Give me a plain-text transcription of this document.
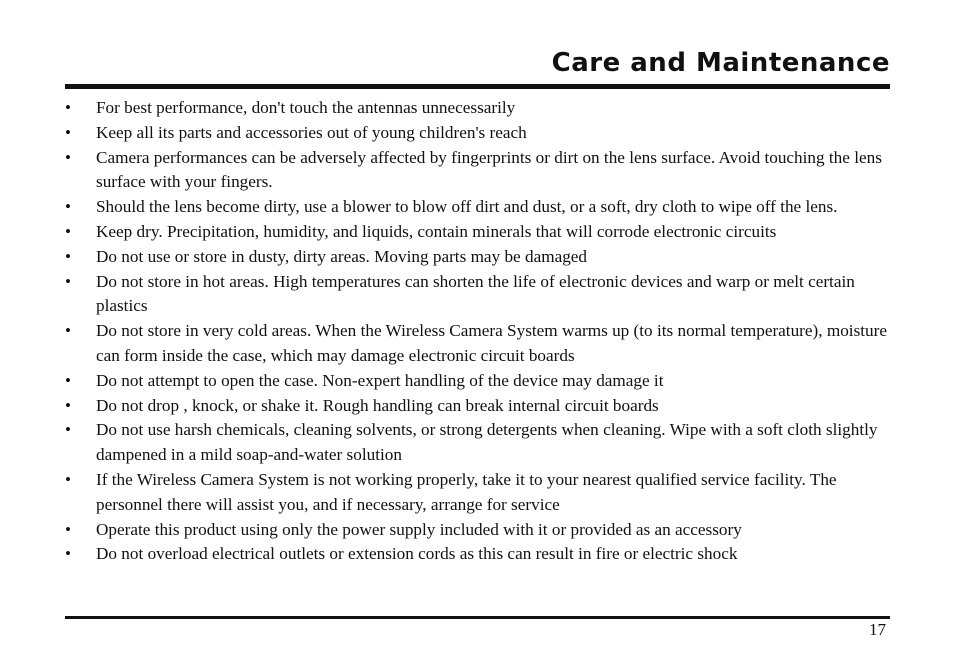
Care and Maintenance
• For best performance, don't touch the antennas unnecessarily
• Keep all its parts and accessories out of young children's reach
• Camera performances can be adversely affected by fingerprints or dirt on the lens surface. Avoid touching the lens surface with your fingers.
• Should the lens become dirty, use a blower to blow off dirt and dust, or a soft, dry cloth to wipe off the lens.
• Keep dry. Precipitation, humidity, and liquids, contain minerals that will corrode electronic circuits
• Do not use or store in dusty, dirty areas. Moving parts may be damaged
• Do not store in hot areas. High temperatures can shorten the life of electronic devices and warp or melt certain plastics
• Do not store in very cold areas. When the Wireless Camera System warms up (to its normal temperature), moisture can form inside the case, which may damage electronic circuit boards
• Do not attempt to open the case. Non-expert handling of the device may damage it
• Do not drop , knock, or shake it. Rough handling can break internal circuit boards
• Do not use harsh chemicals, cleaning solvents, or strong detergents when cleaning. Wipe with a soft cloth slightly dampened in a mild soap-and-water solution
• If the Wireless Camera System is not working properly, take it to your nearest qualified service facility. The personnel there will assist you, and if necessary, arrange for service
• Operate this product using only the power supply included with it or provided as an accessory
• Do not overload electrical outlets or extension cords as this can result in fire or electric shock
17
